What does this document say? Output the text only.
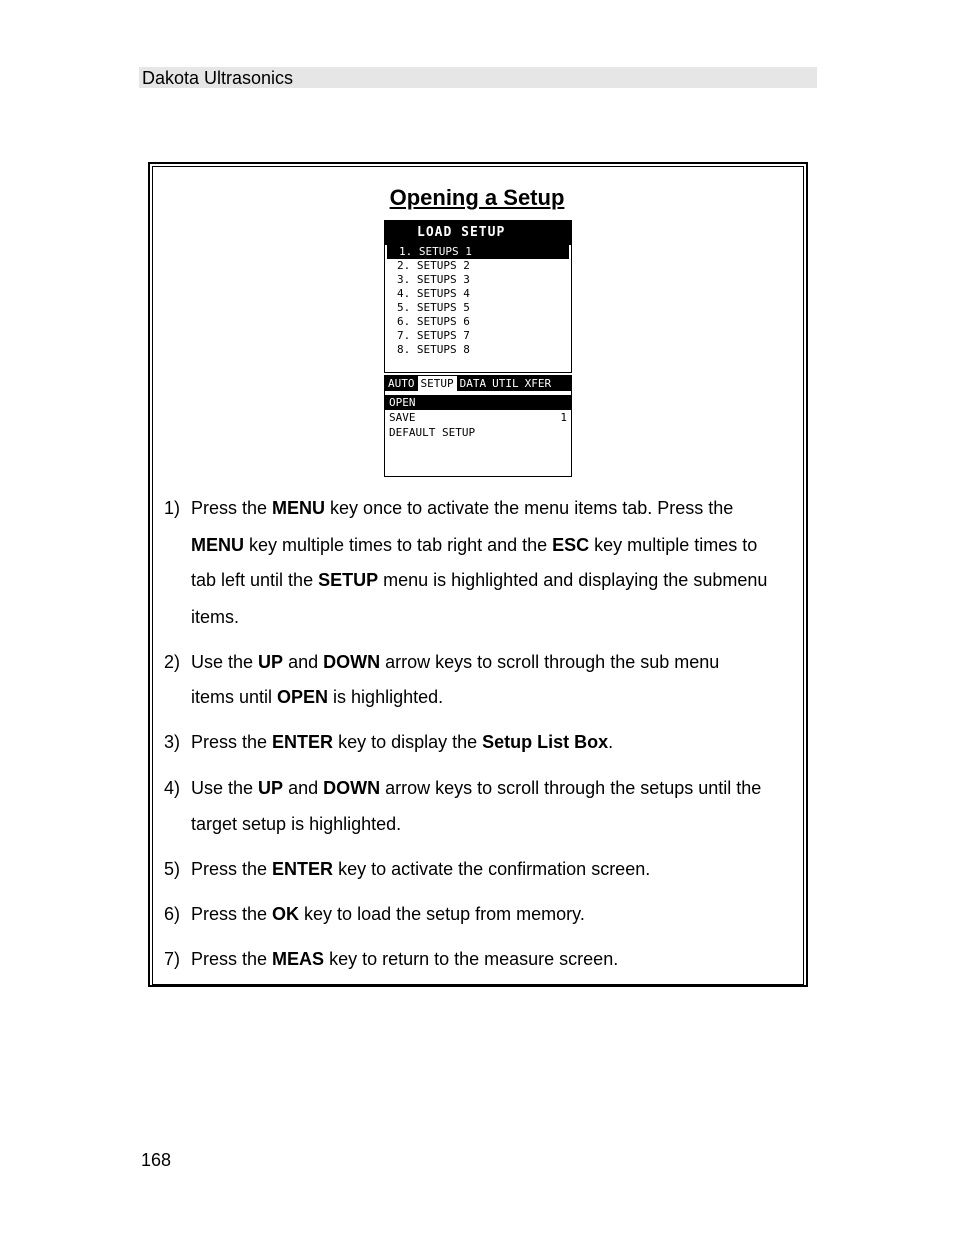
Dakota Ultrasonics
Opening a Setup
LOAD SETUP
1. SETUPS 1
2. SETUPS 2
3. SETUPS 3
4. SETUPS 4
5. SETUPS 5
6. SETUPS 6
7. SETUPS 7
8. SETUPS 8
AUTO SETUP DATA UTIL XFER
OPEN
SAVE	1
DEFAULT SETUP
1) Press the MENU key once to activate the menu items tab. Press the
MENU key multiple times to tab right and the ESC key multiple times to
tab left until the SETUP menu is highlighted and displaying the submenu
items.
2) Use the UP and DOWN arrow keys to scroll through the sub menu
items until OPEN is highlighted.
3) Press the ENTER key to display the Setup List Box.
4) Use the UP and DOWN arrow keys to scroll through the setups until the
target setup is highlighted.
5) Press the ENTER key to activate the confirmation screen.
6) Press the OK key to load the setup from memory.
7) Press the MEAS key to return to the measure screen.
168
